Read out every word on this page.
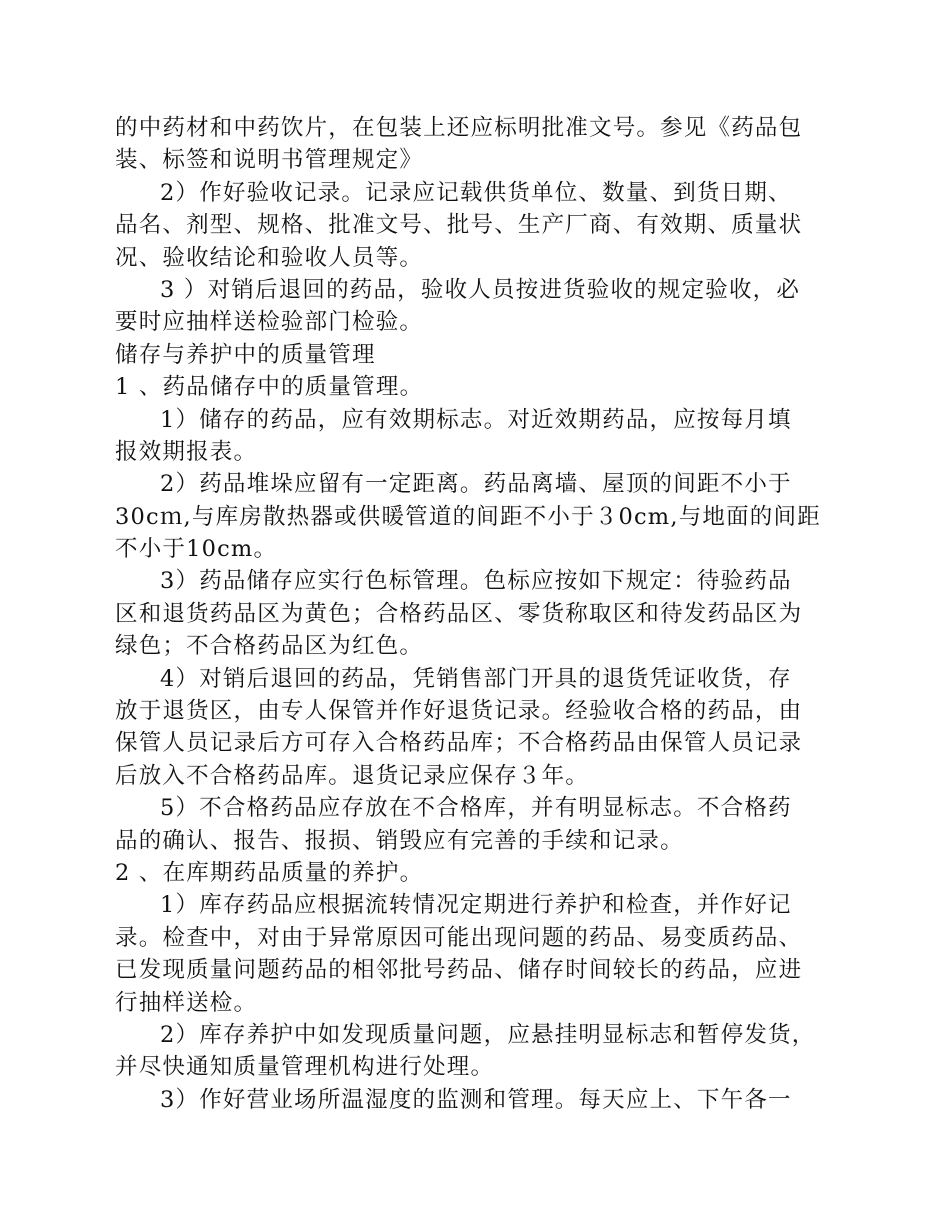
的中药材和中药饮片，在包装上还应标明批准文号。参见《药品包
装、标签和说明书管理规定》
2）作好验收记录。记录应记载供货单位、数量、到货日期、
品名、剂型、规格、批准文号、批号、生产厂商、有效期、质量状
况、验收结论和验收人员等。
3 ）对销后退回的药品，验收人员按进货验收的规定验收，必
要时应抽样送检验部门检验。
储存与养护中的质量管理
1 、药品储存中的质量管理。
1）储存的药品，应有效期标志。对近效期药品，应按每月填
报效期报表。
2）药品堆垛应留有一定距离。药品离墙、屋顶的间距不小于
30cｍ,与库房散热器或供暖管道的间距不小于３0cm,与地面的间距
不小于10cm。
3）药品储存应实行色标管理。色标应按如下规定：待验药品
区和退货药品区为黄色；合格药品区、零货称取区和待发药品区为
绿色；不合格药品区为红色。
4）对销后退回的药品，凭销售部门开具的退货凭证收货，存
放于退货区，由专人保管并作好退货记录。经验收合格的药品，由
保管人员记录后方可存入合格药品库；不合格药品由保管人员记录
后放入不合格药品库。退货记录应保存３年。
5）不合格药品应存放在不合格库，并有明显标志。不合格药
品的确认、报告、报损、销毁应有完善的手续和记录。
2 、在库期药品质量的养护。
1）库存药品应根据流转情况定期进行养护和检查，并作好记
录。检查中，对由于异常原因可能出现问题的药品、易变质药品、
已发现质量问题药品的相邻批号药品、储存时间较长的药品，应进
行抽样送检。
2）库存养护中如发现质量问题，应悬挂明显标志和暂停发货，
并尽快通知质量管理机构进行处理。
3）作好营业场所温湿度的监测和管理。每天应上、下午各一
